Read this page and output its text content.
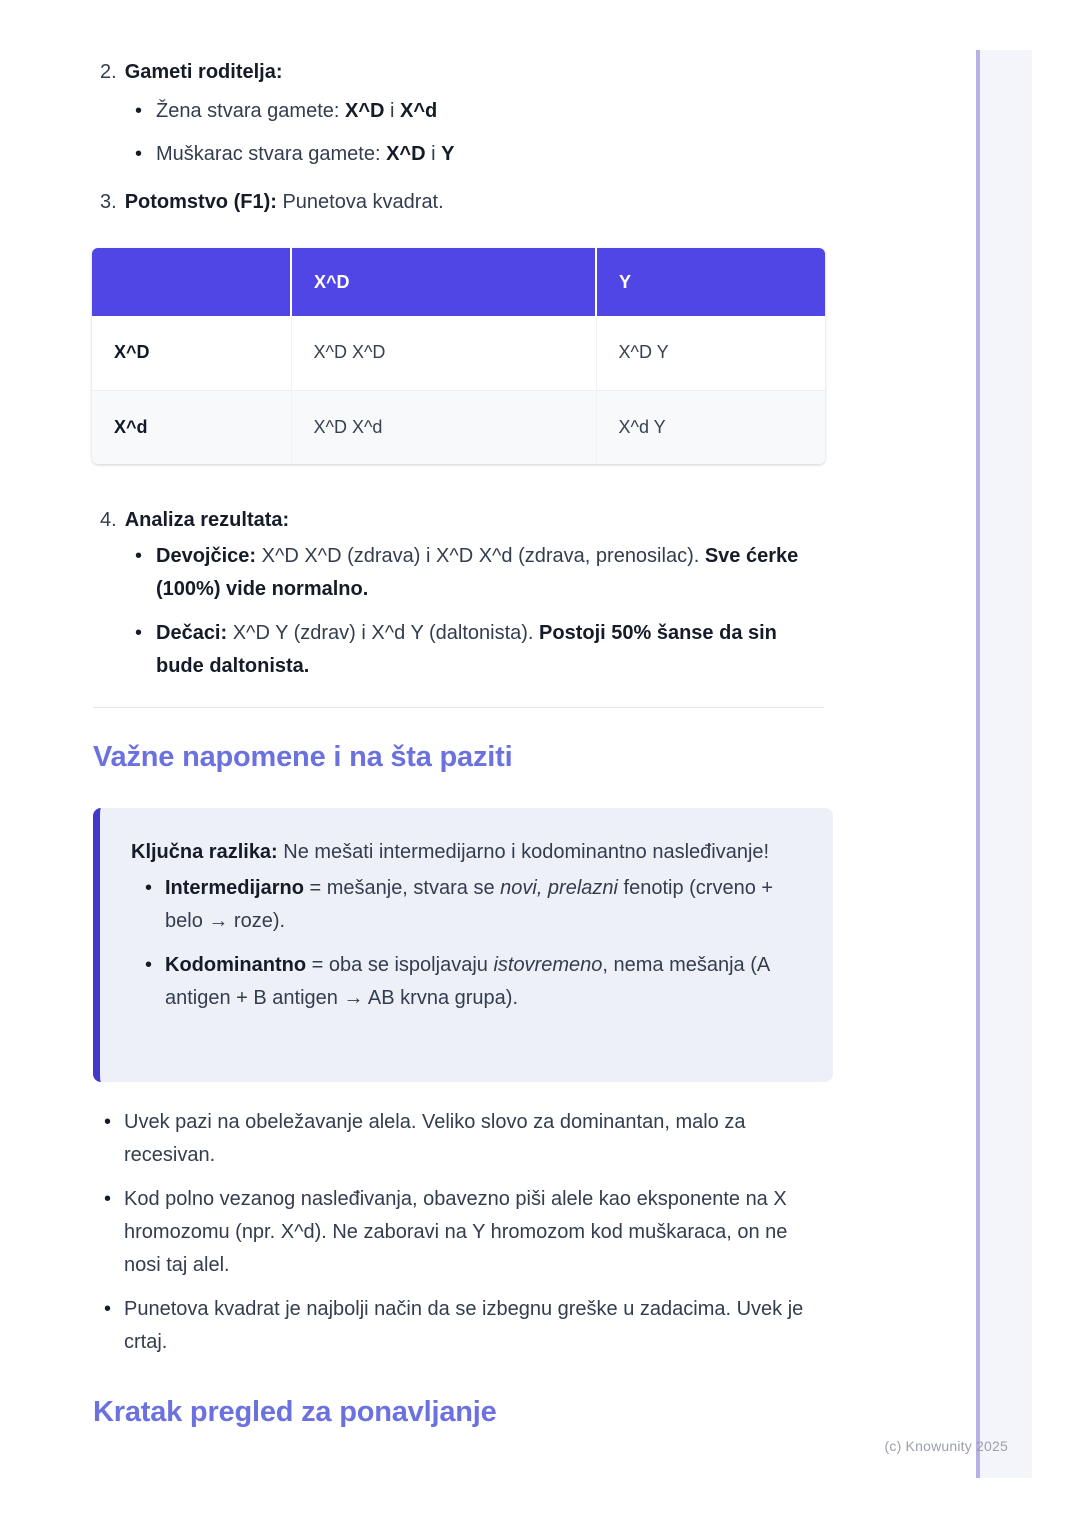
2. Gameti roditelja:
• Žena stvara gamete: X^D i X^d
• Muškarac stvara gamete: X^D i Y
3. Potomstvo (F1): Punetova kvadrat.
	X^D	Y
X^D	X^D X^D	X^D Y
X^d	X^D X^d	X^d Y
4. Analiza rezultata:
• Devojčice: X^D X^D (zdrava) i X^D X^d (zdrava, prenosilac). Sve ćerke (100%) vide normalno.
• Dečaci: X^D Y (zdrav) i X^d Y (daltonista). Postoji 50% šanse da sin bude daltonista.
Važne napomene i na šta paziti

Ključna razlika: Ne mešati intermedijarno i kodominantno nasleđivanje!

• Intermedijarno = mešanje, stvara se novi, prelazni fenotip (crveno + belo → roze).
• Kodominantno = oba se ispoljavaju istovremeno, nema mešanja (A antigen + B antigen → AB krvna grupa).
• Uvek pazi na obeležavanje alela. Veliko slovo za dominantan, malo za recesivan.
• Kod polno vezanog nasleđivanja, obavezno piši alele kao eksponente na X hromozomu (npr. X^d). Ne zaboravi na Y hromozom kod muškaraca, on ne nosi taj alel.
• Punetova kvadrat je najbolji način da se izbegnu greške u zadacima. Uvek je crtaj.
Kratak pregled za ponavljanje
(c) Knowunity 2025
